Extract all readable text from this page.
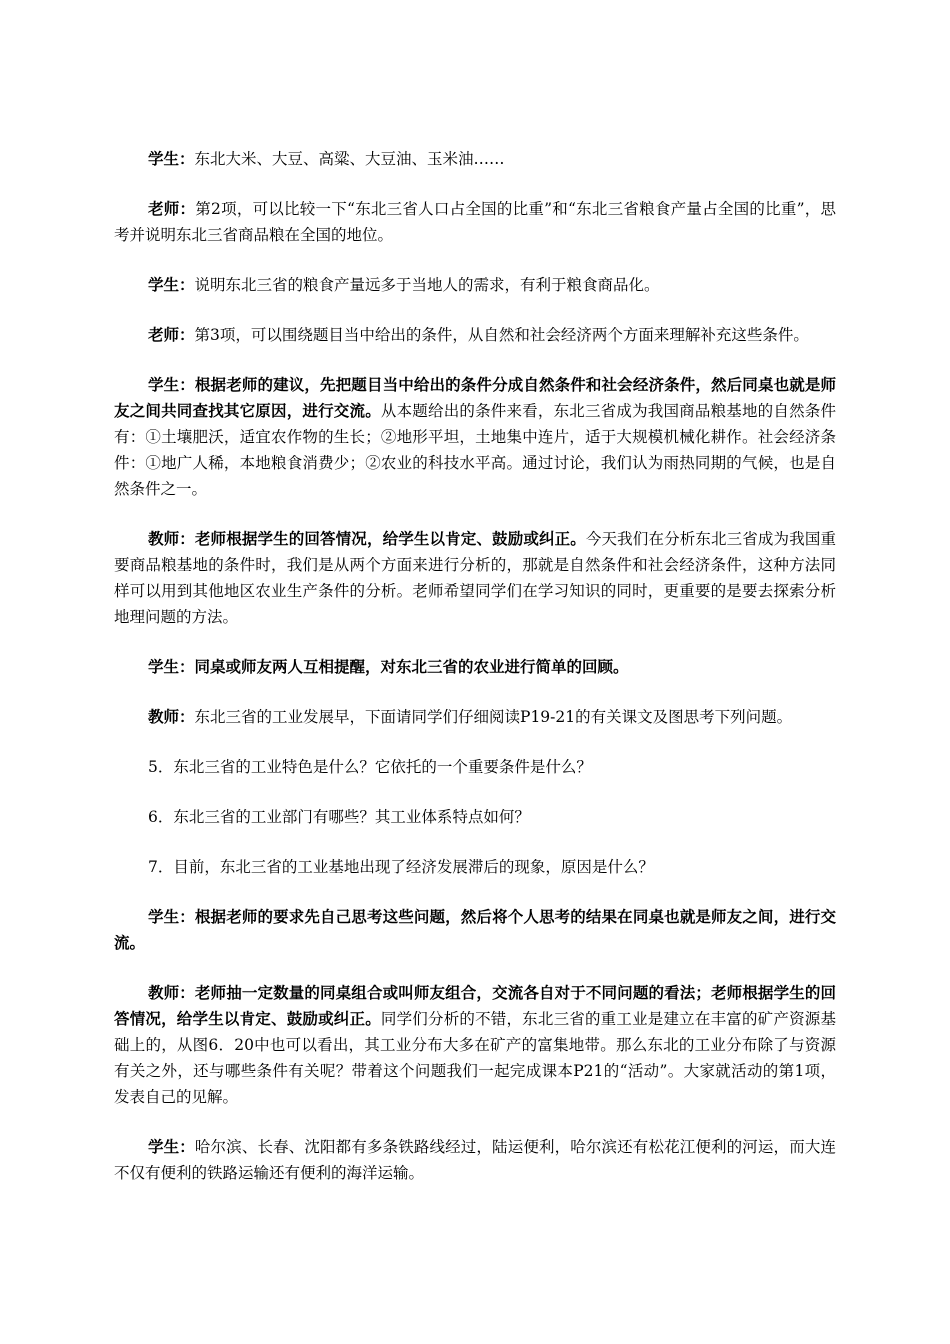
学生：东北大米、大豆、高粱、大豆油、玉米油……

老师：第2项，可以比较一下“东北三省人口占全国的比重”和“东北三省粮食产量占全国的比重”，思考并说明东北三省商品粮在全国的地位。

学生：说明东北三省的粮食产量远多于当地人的需求，有利于粮食商品化。

老师：第3项，可以围绕题目当中给出的条件，从自然和社会经济两个方面来理解补充这些条件。

学生：根据老师的建议，先把题目当中给出的条件分成自然条件和社会经济条件，然后同桌也就是师友之间共同查找其它原因，进行交流。从本题给出的条件来看，东北三省成为我国商品粮基地的自然条件有：①土壤肥沃，适宜农作物的生长；②地形平坦，土地集中连片，适于大规模机械化耕作。社会经济条件：①地广人稀，本地粮食消费少；②农业的科技水平高。通过讨论，我们认为雨热同期的气候，也是自然条件之一。

教师：老师根据学生的回答情况，给学生以肯定、鼓励或纠正。今天我们在分析东北三省成为我国重要商品粮基地的条件时，我们是从两个方面来进行分析的，那就是自然条件和社会经济条件，这种方法同样可以用到其他地区农业生产条件的分析。老师希望同学们在学习知识的同时，更重要的是要去探索分析地理问题的方法。

学生：同桌或师友两人互相提醒，对东北三省的农业进行简单的回顾。

教师：东北三省的工业发展早，下面请同学们仔细阅读P19-21的有关课文及图思考下列问题。

5．东北三省的工业特色是什么？它依托的一个重要条件是什么？

6．东北三省的工业部门有哪些？其工业体系特点如何？

7．目前，东北三省的工业基地出现了经济发展滞后的现象，原因是什么？

学生：根据老师的要求先自己思考这些问题，然后将个人思考的结果在同桌也就是师友之间，进行交流。

教师：老师抽一定数量的同桌组合或叫师友组合，交流各自对于不同问题的看法；老师根据学生的回答情况，给学生以肯定、鼓励或纠正。同学们分析的不错，东北三省的重工业是建立在丰富的矿产资源基础上的，从图6．20中也可以看出，其工业分布大多在矿产的富集地带。那么东北的工业分布除了与资源有关之外，还与哪些条件有关呢？带着这个问题我们一起完成课本P21的“活动”。大家就活动的第1项，发表自己的见解。

学生：哈尔滨、长春、沈阳都有多条铁路线经过，陆运便利，哈尔滨还有松花江便利的河运，而大连不仅有便利的铁路运输还有便利的海洋运输。
